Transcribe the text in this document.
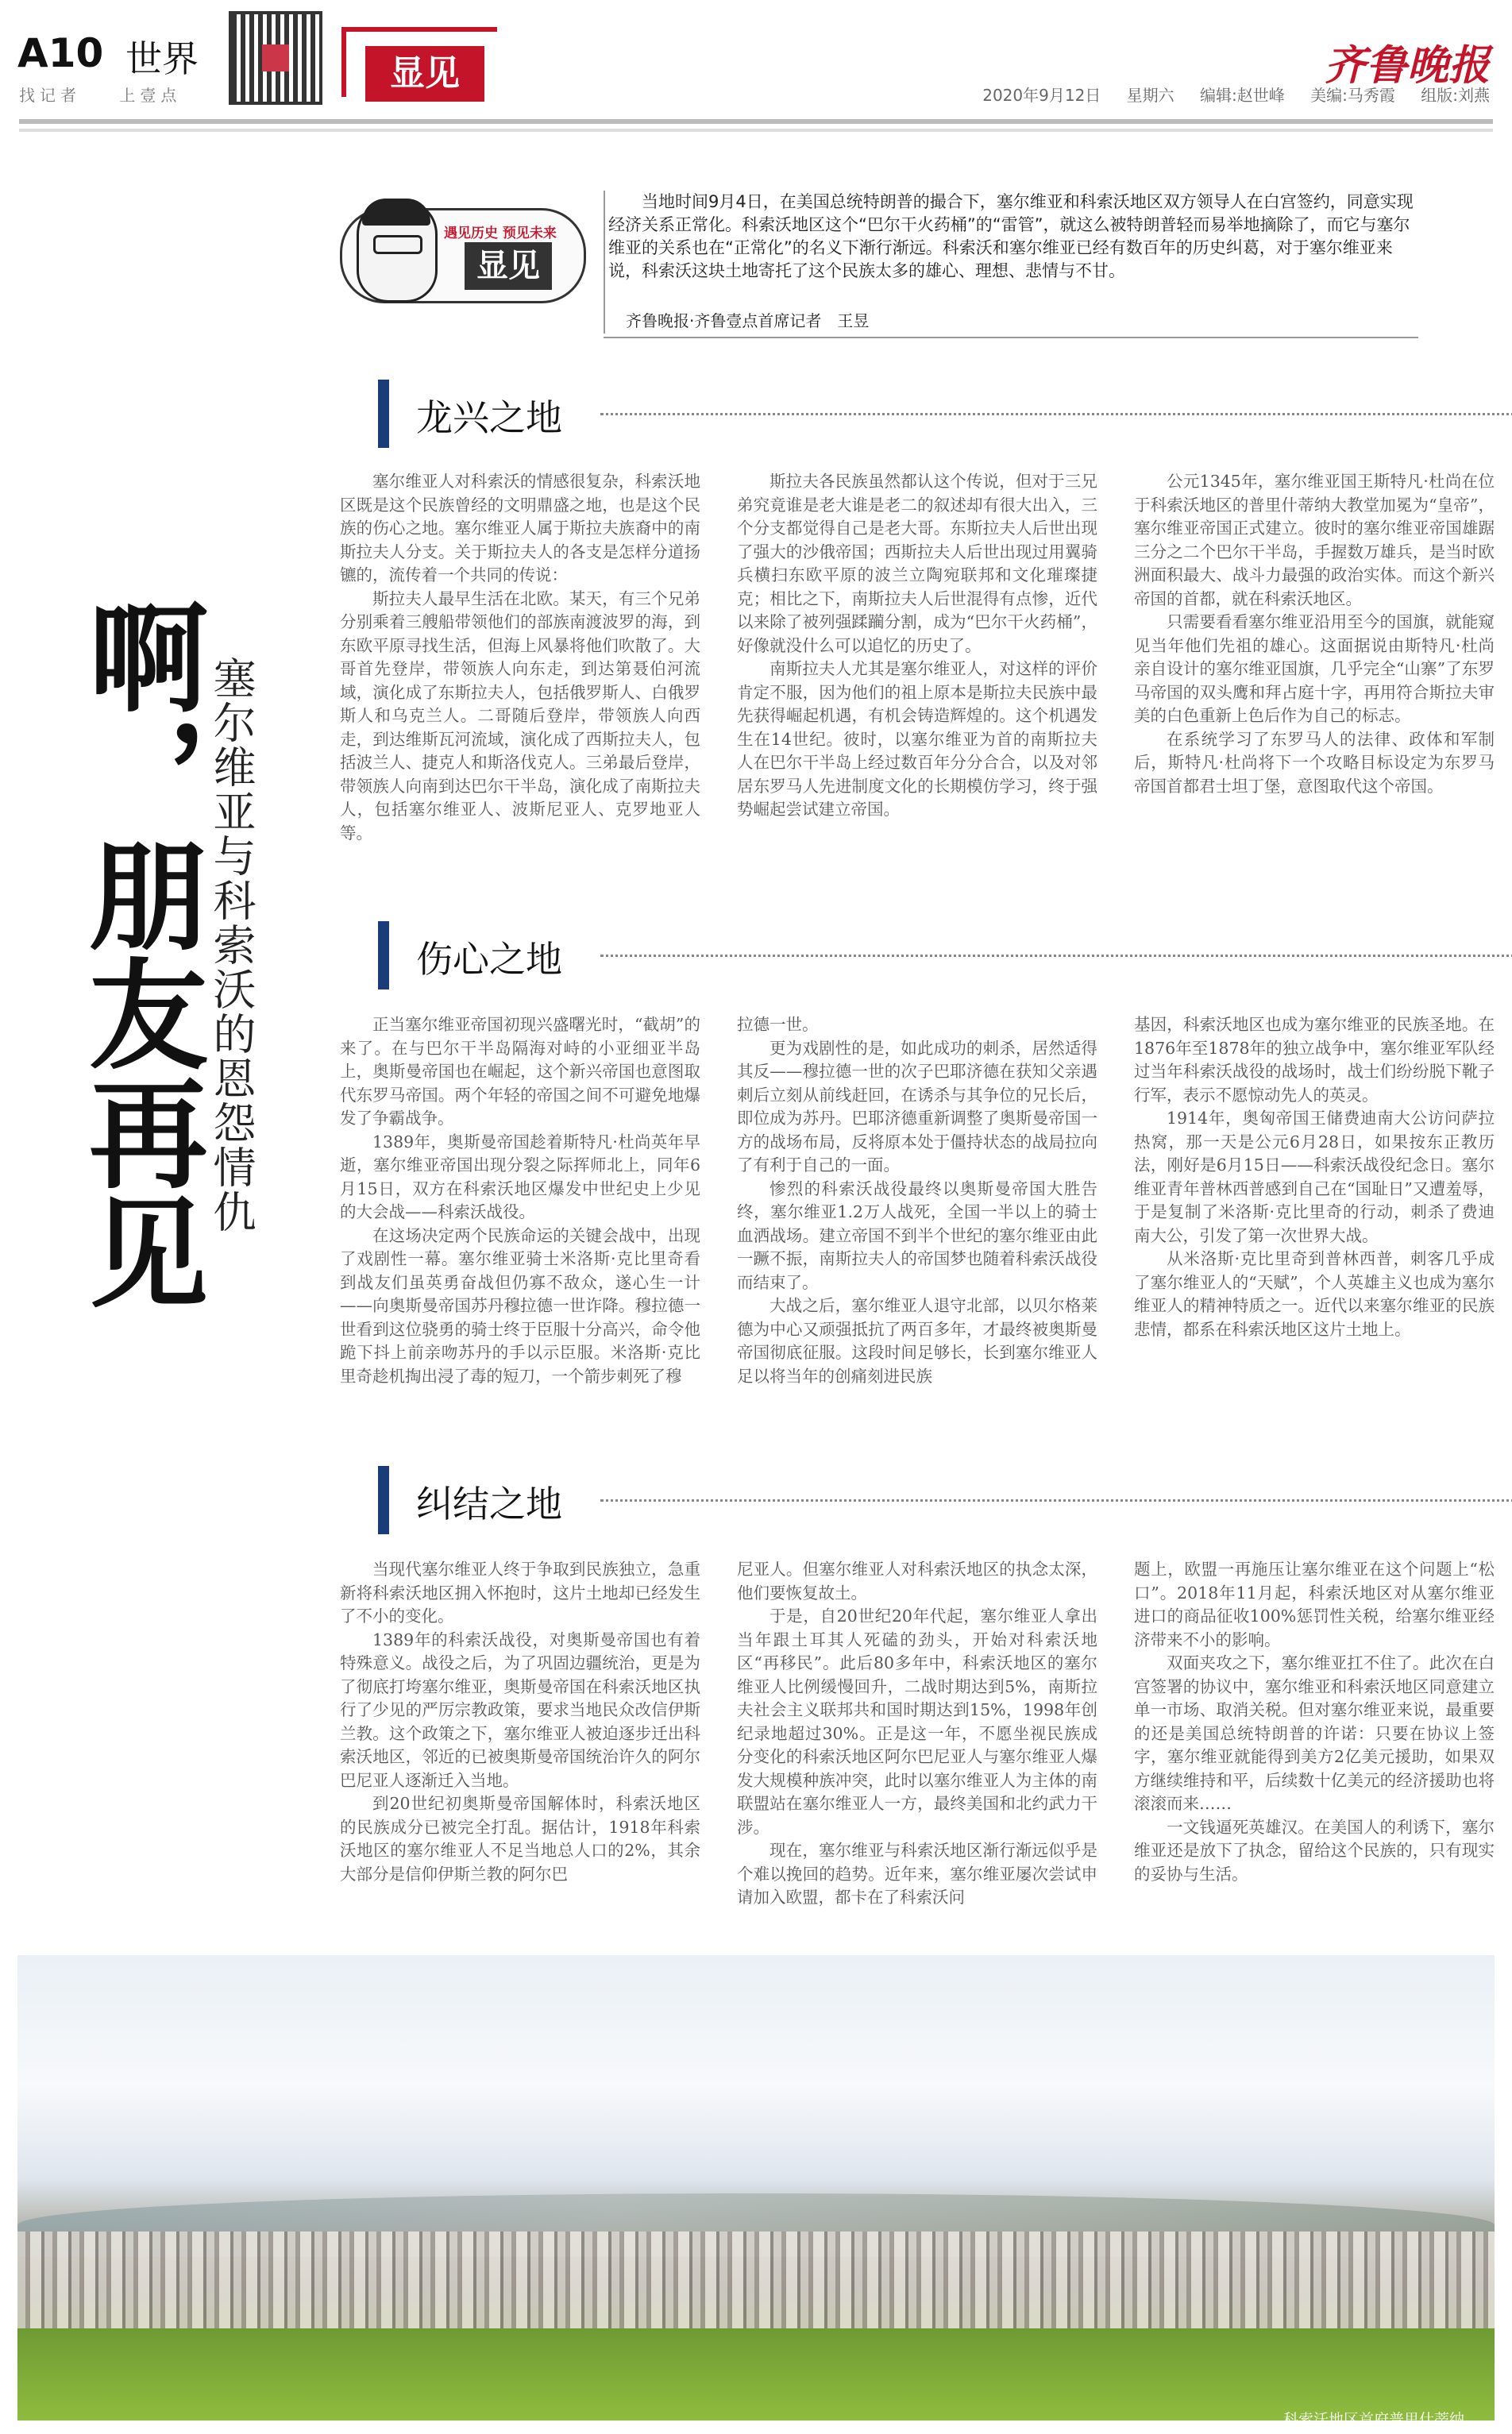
A10 世界
找记者 上壹点
显见	齐鲁晚报
2020年9月12日 星期六 编辑:赵世峰 美编:马秀霞 组版:刘燕
遇见历史 预见未来
显见

当地时间9月4日，在美国总统特朗普的撮合下，塞尔维亚和科索沃地区双方领导人在白宫签约，同意实现经济关系正常化。科索沃地区这个“巴尔干火药桶”的“雷管”，就这么被特朗普轻而易举地摘除了，而它与塞尔维亚的关系也在“正常化”的名义下渐行渐远。科索沃和塞尔维亚已经有数百年的历史纠葛，对于塞尔维亚来说，科索沃这块土地寄托了这个民族太多的雄心、理想、悲情与不甘。

齐鲁晚报·齐鲁壹点首席记者　王昱
啊，朋友再见 塞尔维亚与科索沃的恩怨情仇
龙兴之地

塞尔维亚人对科索沃的情感很复杂，科索沃地区既是这个民族曾经的文明鼎盛之地，也是这个民族的伤心之地。塞尔维亚人属于斯拉夫族裔中的南斯拉夫人分支。关于斯拉夫人的各支是怎样分道扬镳的，流传着一个共同的传说：

斯拉夫人最早生活在北欧。某天，有三个兄弟分别乘着三艘船带领他们的部族南渡波罗的海，到东欧平原寻找生活，但海上风暴将他们吹散了。大哥首先登岸，带领族人向东走，到达第聂伯河流域，演化成了东斯拉夫人，包括俄罗斯人、白俄罗斯人和乌克兰人。二哥随后登岸，带领族人向西走，到达维斯瓦河流域，演化成了西斯拉夫人，包括波兰人、捷克人和斯洛伐克人。三弟最后登岸，带领族人向南到达巴尔干半岛，演化成了南斯拉夫人，包括塞尔维亚人、波斯尼亚人、克罗地亚人等。

斯拉夫各民族虽然都认这个传说，但对于三兄弟究竟谁是老大谁是老二的叙述却有很大出入，三个分支都觉得自己是老大哥。东斯拉夫人后世出现了强大的沙俄帝国；西斯拉夫人后世出现过用翼骑兵横扫东欧平原的波兰立陶宛联邦和文化璀璨捷克；相比之下，南斯拉夫人后世混得有点惨，近代以来除了被列强蹂躏分割，成为“巴尔干火药桶”，好像就没什么可以追忆的历史了。

南斯拉夫人尤其是塞尔维亚人，对这样的评价肯定不服，因为他们的祖上原本是斯拉夫民族中最先获得崛起机遇，有机会铸造辉煌的。这个机遇发生在14世纪。彼时，以塞尔维亚为首的南斯拉夫人在巴尔干半岛上经过数百年分分合合，以及对邻居东罗马人先进制度文化的长期模仿学习，终于强势崛起尝试建立帝国。

公元1345年，塞尔维亚国王斯特凡·杜尚在位于科索沃地区的普里什蒂纳大教堂加冕为“皇帝”，塞尔维亚帝国正式建立。彼时的塞尔维亚帝国雄踞三分之二个巴尔干半岛，手握数万雄兵，是当时欧洲面积最大、战斗力最强的政治实体。而这个新兴帝国的首都，就在科索沃地区。

只需要看看塞尔维亚沿用至今的国旗，就能窥见当年他们先祖的雄心。这面据说由斯特凡·杜尚亲自设计的塞尔维亚国旗，几乎完全“山寨”了东罗马帝国的双头鹰和拜占庭十字，再用符合斯拉夫审美的白色重新上色后作为自己的标志。

在系统学习了东罗马人的法律、政体和军制后，斯特凡·杜尚将下一个攻略目标设定为东罗马帝国首都君士坦丁堡，意图取代这个帝国。

伤心之地

正当塞尔维亚帝国初现兴盛曙光时，“截胡”的来了。在与巴尔干半岛隔海对峙的小亚细亚半岛上，奥斯曼帝国也在崛起，这个新兴帝国也意图取代东罗马帝国。两个年轻的帝国之间不可避免地爆发了争霸战争。

1389年，奥斯曼帝国趁着斯特凡·杜尚英年早逝，塞尔维亚帝国出现分裂之际挥师北上，同年6月15日，双方在科索沃地区爆发中世纪史上少见的大会战——科索沃战役。

在这场决定两个民族命运的关键会战中，出现了戏剧性一幕。塞尔维亚骑士米洛斯·克比里奇看到战友们虽英勇奋战但仍寡不敌众，遂心生一计——向奥斯曼帝国苏丹穆拉德一世诈降。穆拉德一世看到这位骁勇的骑士终于臣服十分高兴，命令他跪下抖上前亲吻苏丹的手以示臣服。米洛斯·克比里奇趁机掏出浸了毒的短刀，一个箭步刺死了穆

拉德一世。

更为戏剧性的是，如此成功的刺杀，居然适得其反——穆拉德一世的次子巴耶济德在获知父亲遇刺后立刻从前线赶回，在诱杀与其争位的兄长后，即位成为苏丹。巴耶济德重新调整了奥斯曼帝国一方的战场布局，反将原本处于僵持状态的战局拉向了有利于自己的一面。

惨烈的科索沃战役最终以奥斯曼帝国大胜告终，塞尔维亚1.2万人战死，全国一半以上的骑士血洒战场。建立帝国不到半个世纪的塞尔维亚由此一蹶不振，南斯拉夫人的帝国梦也随着科索沃战役而结束了。

大战之后，塞尔维亚人退守北部，以贝尔格莱德为中心又顽强抵抗了两百多年，才最终被奥斯曼帝国彻底征服。这段时间足够长，长到塞尔维亚人足以将当年的创痛刻进民族

基因，科索沃地区也成为塞尔维亚的民族圣地。在1876年至1878年的独立战争中，塞尔维亚军队经过当年科索沃战役的战场时，战士们纷纷脱下靴子行军，表示不愿惊动先人的英灵。

1914年，奥匈帝国王储费迪南大公访问萨拉热窝，那一天是公元6月28日，如果按东正教历法，刚好是6月15日——科索沃战役纪念日。塞尔维亚青年普林西普感到自己在“国耻日”又遭羞辱，于是复制了米洛斯·克比里奇的行动，刺杀了费迪南大公，引发了第一次世界大战。

从米洛斯·克比里奇到普林西普，刺客几乎成了塞尔维亚人的“天赋”，个人英雄主义也成为塞尔维亚人的精神特质之一。近代以来塞尔维亚的民族悲情，都系在科索沃地区这片土地上。

纠结之地

当现代塞尔维亚人终于争取到民族独立，急重新将科索沃地区拥入怀抱时，这片土地却已经发生了不小的变化。

1389年的科索沃战役，对奥斯曼帝国也有着特殊意义。战役之后，为了巩固边疆统治，更是为了彻底打垮塞尔维亚，奥斯曼帝国在科索沃地区执行了少见的严厉宗教政策，要求当地民众改信伊斯兰教。这个政策之下，塞尔维亚人被迫逐步迁出科索沃地区，邻近的已被奥斯曼帝国统治许久的阿尔巴尼亚人逐渐迁入当地。

到20世纪初奥斯曼帝国解体时，科索沃地区的民族成分已被完全打乱。据估计，1918年科索沃地区的塞尔维亚人不足当地总人口的2%，其余大部分是信仰伊斯兰教的阿尔巴

尼亚人。但塞尔维亚人对科索沃地区的执念太深，他们要恢复故土。

于是，自20世纪20年代起，塞尔维亚人拿出当年跟土耳其人死磕的劲头，开始对科索沃地区“再移民”。此后80多年中，科索沃地区的塞尔维亚人比例缓慢回升，二战时期达到5%，南斯拉夫社会主义联邦共和国时期达到15%，1998年创纪录地超过30%。正是这一年，不愿坐视民族成分变化的科索沃地区阿尔巴尼亚人与塞尔维亚人爆发大规模种族冲突，此时以塞尔维亚人为主体的南联盟站在塞尔维亚人一方，最终美国和北约武力干涉。

现在，塞尔维亚与科索沃地区渐行渐远似乎是个难以挽回的趋势。近年来，塞尔维亚屡次尝试申请加入欧盟，都卡在了科索沃问

题上，欧盟一再施压让塞尔维亚在这个问题上“松口”。2018年11月起，科索沃地区对从塞尔维亚进口的商品征收100%惩罚性关税，给塞尔维亚经济带来不小的影响。

双面夹攻之下，塞尔维亚扛不住了。此次在白宫签署的协议中，塞尔维亚和科索沃地区同意建立单一市场、取消关税。但对塞尔维亚来说，最重要的还是美国总统特朗普的许诺：只要在协议上签字，塞尔维亚就能得到美方2亿美元援助，如果双方继续维持和平，后续数十亿美元的经济援助也将滚滚而来……

一文钱逼死英雄汉。在美国人的利诱下，塞尔维亚还是放下了执念，留给这个民族的，只有现实的妥协与生活。

科索沃地区首府普里什蒂纳
